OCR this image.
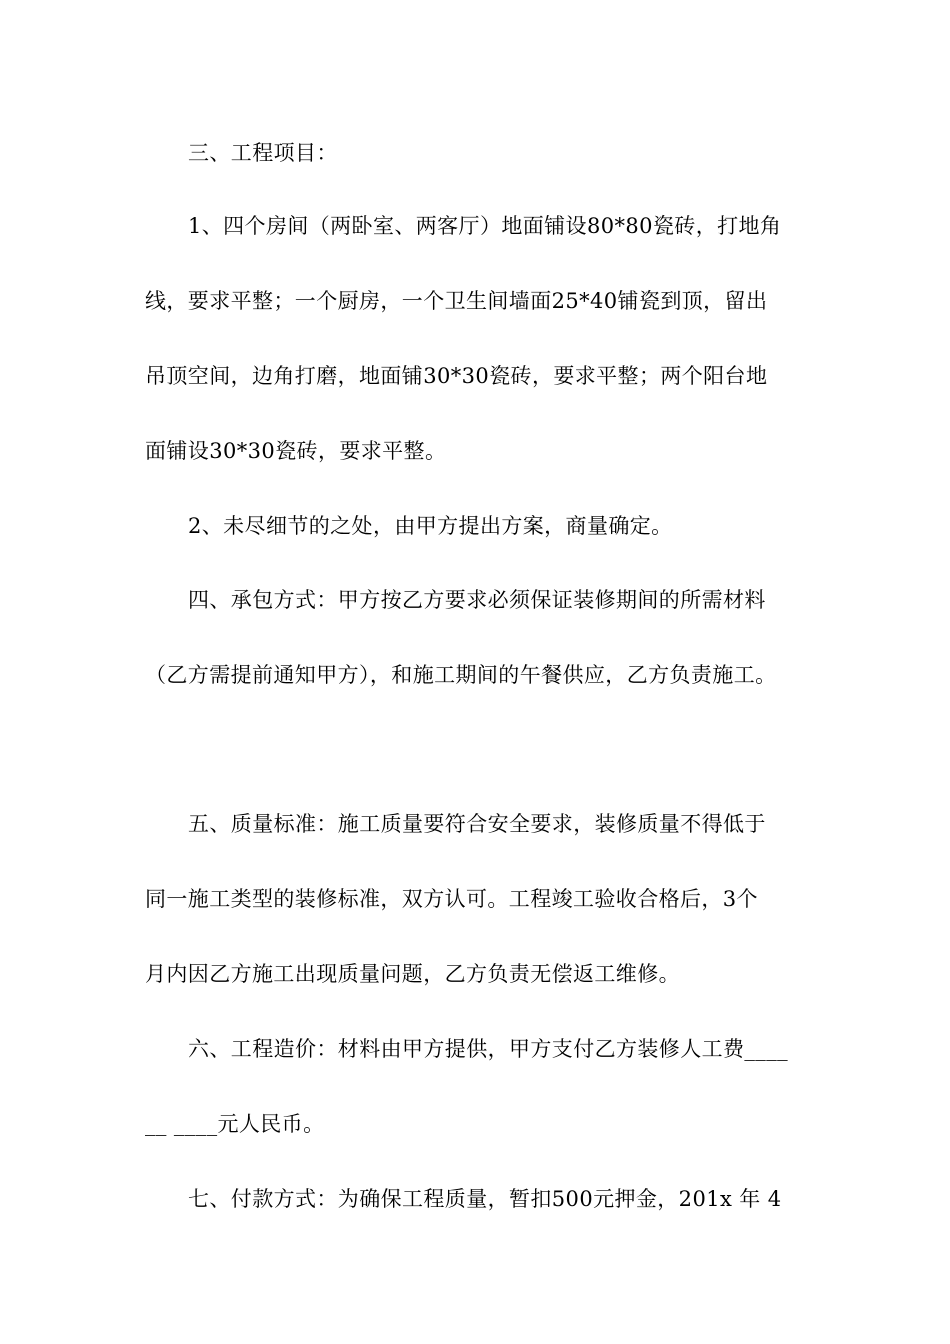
三、工程项目：
1、四个房间（两卧室、两客厅）地面铺设80*80瓷砖，打地角
线，要求平整；一个厨房，一个卫生间墙面25*40铺瓷到顶，留出
吊顶空间，边角打磨，地面铺30*30瓷砖，要求平整；两个阳台地
面铺设30*30瓷砖，要求平整。
2、未尽细节的之处，由甲方提出方案，商量确定。
四、承包方式：甲方按乙方要求必须保证装修期间的所需材料
（乙方需提前通知甲方），和施工期间的午餐供应，乙方负责施工。
五、质量标准：施工质量要符合安全要求，装修质量不得低于
同一施工类型的装修标准，双方认可。工程竣工验收合格后，3个
月内因乙方施工出现质量问题，乙方负责无偿返工维修。
六、工程造价：材料由甲方提供，甲方支付乙方装修人工费____
__ ____元人民币。
七、付款方式：为确保工程质量，暂扣500元押金，201x 年 4
